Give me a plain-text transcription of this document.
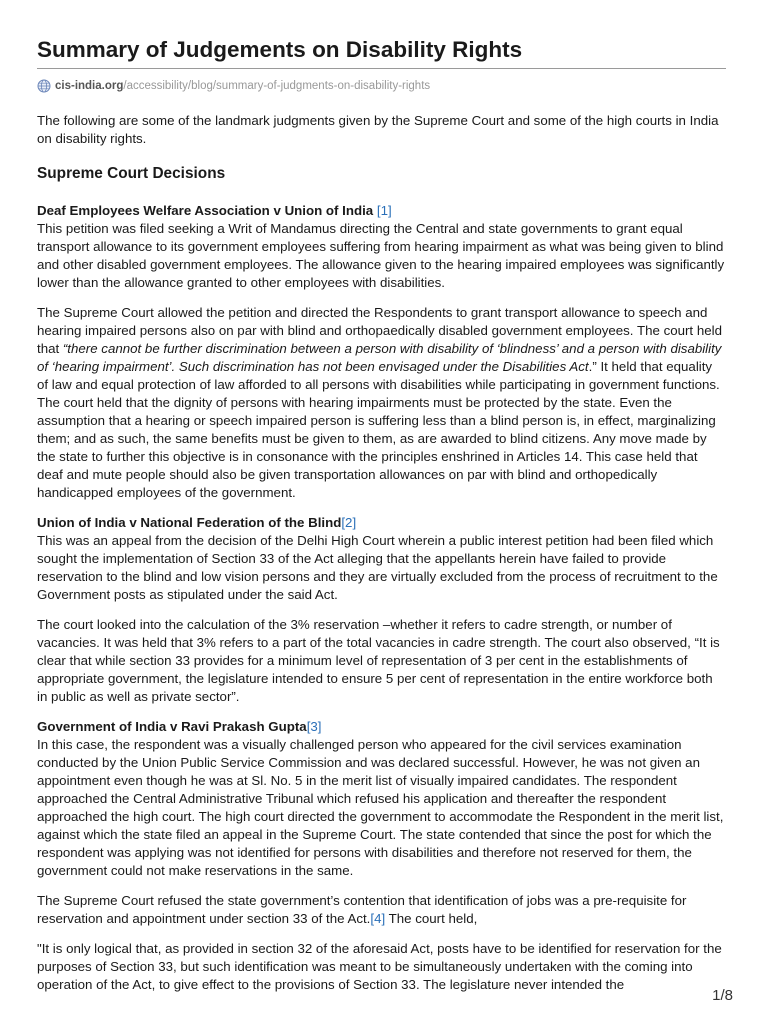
Summary of Judgements on Disability Rights
cis-india.org /accessibility/blog/summary-of-judgments-on-disability-rights

The following are some of the landmark judgments given by the Supreme Court and some of the high courts in India on disability rights.

Supreme Court Decisions
Deaf Employees Welfare Association v Union of India [1]

This petition was filed seeking a Writ of Mandamus directing the Central and state governments to grant equal transport allowance to its government employees suffering from hearing impairment as what was being given to blind and other disabled government employees. The allowance given to the hearing impaired employees was significantly lower than the allowance granted to other employees with disabilities.

The Supreme Court allowed the petition and directed the Respondents to grant transport allowance to speech and hearing impaired persons also on par with blind and orthopaedically disabled government employees. The court held that “there cannot be further discrimination between a person with disability of ‘blindness’ and a person with disability of ‘hearing impairment’. Such discrimination has not been envisaged under the Disabilities Act.” It held that equality of law and equal protection of law afforded to all persons with disabilities while participating in government functions. The court held that the dignity of persons with hearing impairments must be protected by the state. Even the assumption that a hearing or speech impaired person is suffering less than a blind person is, in effect, marginalizing them; and as such, the same benefits must be given to them, as are awarded to blind citizens. Any move made by the state to further this objective is in consonance with the principles enshrined in Articles 14. This case held that deaf and mute people should also be given transportation allowances on par with blind and orthopedically handicapped employees of the government.

Union of India v National Federation of the Blind[2]

This was an appeal from the decision of the Delhi High Court wherein a public interest petition had been filed which sought the implementation of Section 33 of the Act alleging that the appellants herein have failed to provide reservation to the blind and low vision persons and they are virtually excluded from the process of recruitment to the Government posts as stipulated under the said Act.

The court looked into the calculation of the 3% reservation –whether it refers to cadre strength, or number of vacancies. It was held that 3% refers to a part of the total vacancies in cadre strength. The court also observed, “It is clear that while section 33 provides for a minimum level of representation of 3 per cent in the establishments of appropriate government, the legislature intended to ensure 5 per cent of representation in the entire workforce both in public as well as private sector”.

Government of India v Ravi Prakash Gupta[3]

In this case, the respondent was a visually challenged person who appeared for the civil services examination conducted by the Union Public Service Commission and was declared successful. However, he was not given an appointment even though he was at Sl. No. 5 in the merit list of visually impaired candidates. The respondent approached the Central Administrative Tribunal which refused his application and thereafter the respondent approached the high court. The high court directed the government to accommodate the Respondent in the merit list, against which the state filed an appeal in the Supreme Court. The state contended that since the post for which the respondent was applying was not identified for persons with disabilities and therefore not reserved for them, the government could not make reservations in the same.

The Supreme Court refused the state government’s contention that identification of jobs was a pre-requisite for reservation and appointment under section 33 of the Act.[4] The court held,

"It is only logical that, as provided in section 32 of the aforesaid Act, posts have to be identified for reservation for the purposes of Section 33, but such identification was meant to be simultaneously undertaken with the coming into operation of the Act, to give effect to the provisions of Section 33. The legislature never intended the

1/8
